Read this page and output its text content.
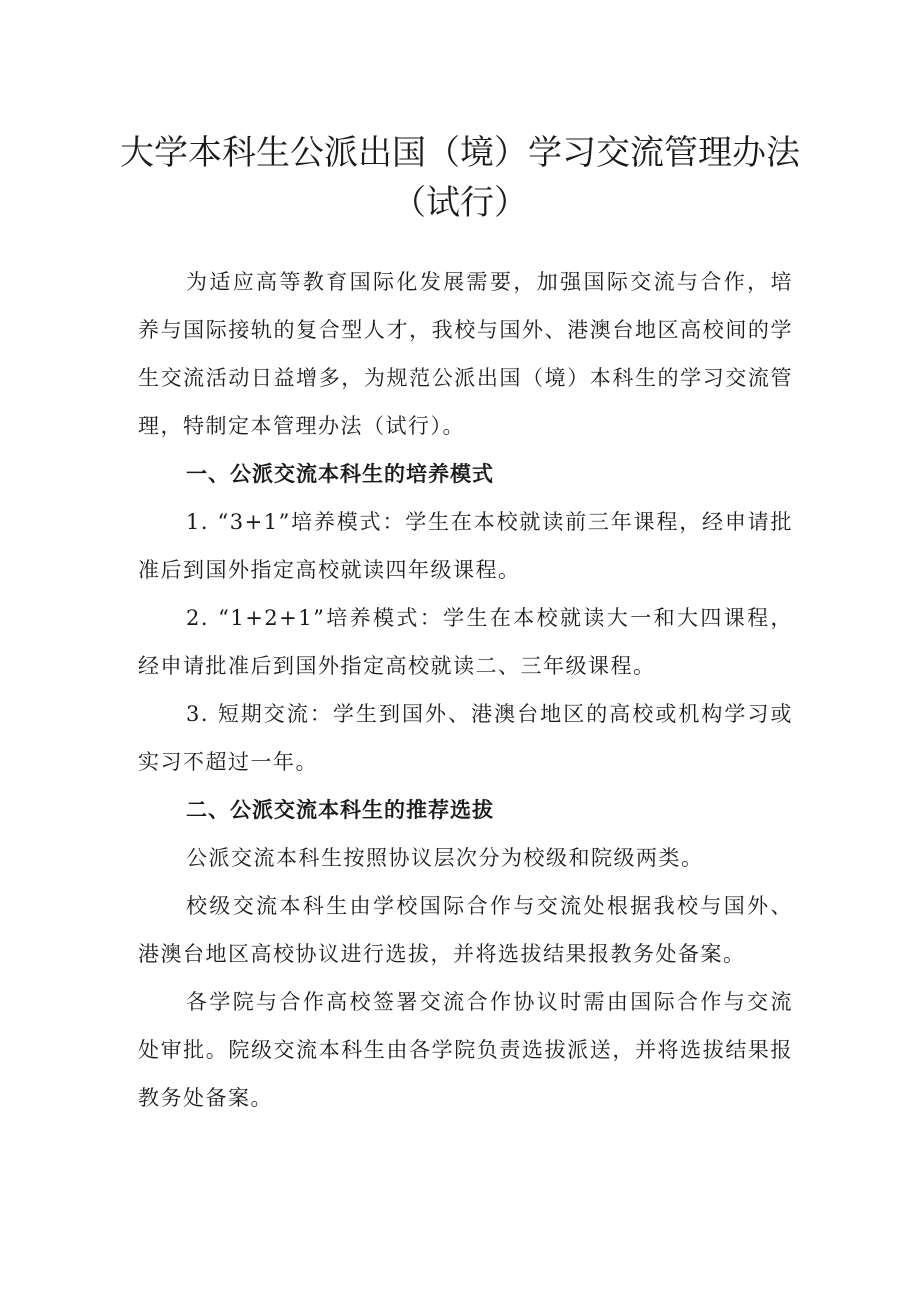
大学本科生公派出国（境）学习交流管理办法
（试行）

为适应高等教育国际化发展需要，加强国际交流与合作，培养与国际接轨的复合型人才，我校与国外、港澳台地区高校间的学生交流活动日益增多，为规范公派出国（境）本科生的学习交流管理，特制定本管理办法（试行）。

一、公派交流本科生的培养模式

1. “3+1”培养模式：学生在本校就读前三年课程，经申请批准后到国外指定高校就读四年级课程。

2. “1+2+1”培养模式：学生在本校就读大一和大四课程，经申请批准后到国外指定高校就读二、三年级课程。

3. 短期交流：学生到国外、港澳台地区的高校或机构学习或实习不超过一年。

二、公派交流本科生的推荐选拔

公派交流本科生按照协议层次分为校级和院级两类。

校级交流本科生由学校国际合作与交流处根据我校与国外、港澳台地区高校协议进行选拔，并将选拔结果报教务处备案。

各学院与合作高校签署交流合作协议时需由国际合作与交流处审批。院级交流本科生由各学院负责选拔派送，并将选拔结果报教务处备案。
